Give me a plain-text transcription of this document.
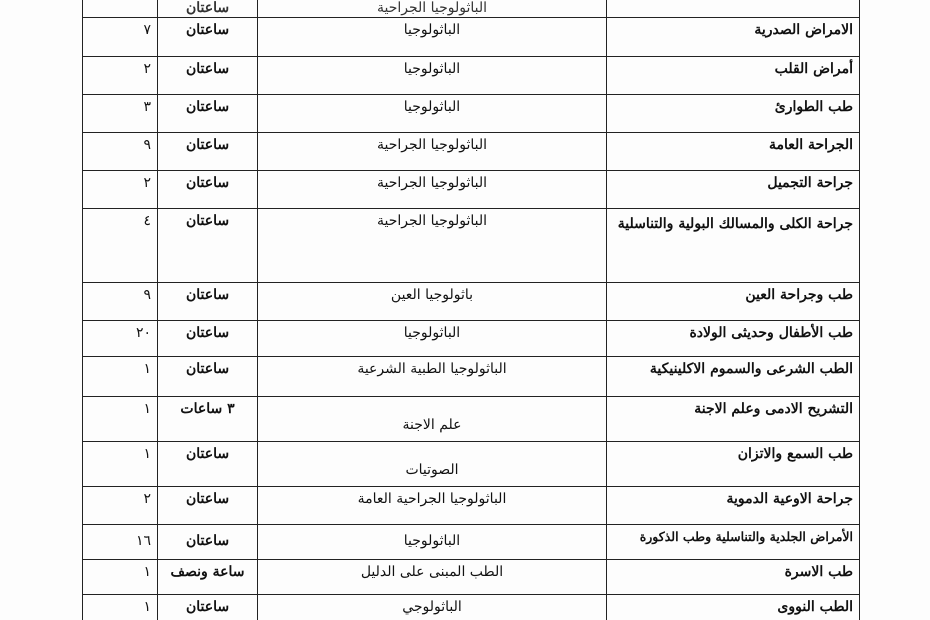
	الباثولوجيا الجراحية	ساعتان	

الامراض الصدرية	الباثولوجيا	ساعتان	٧

أمراض القلب	الباثولوجيا	ساعتان	٢

طب الطوارئ	الباثولوجيا	ساعتان	٣

الجراحة العامة	الباثولوجيا الجراحية	ساعتان	٩

جراحة التجميل	الباثولوجيا الجراحية	ساعتان	٢

جراحة الكلى والمسالك البولية والتناسلية	الباثولوجيا الجراحية	ساعتان	٤

طب وجراحة العين	باثولوجيا العين	ساعتان	٩

طب الأطفال وحديثى الولادة	الباثولوجيا	ساعتان	٢٠

الطب الشرعى والسموم الاكلينيكية	الباثولوجيا الطبية الشرعية	ساعتان	١

التشريح الادمى وعلم الاجنة	علم الاجنة	٣ ساعات	١

طب السمع والاتزان	الصوتيات	ساعتان	١

جراحة الاوعية الدموية	الباثولوجيا الجراحية العامة	ساعتان	٢

الأمراض الجلدية والتناسلية وطب الذكورة	الباثولوجيا	ساعتان	١٦

طب الاسرة	الطب المبنى على الدليل	ساعة ونصف	١

الطب النووى	الباثولوجي	ساعتان	١
